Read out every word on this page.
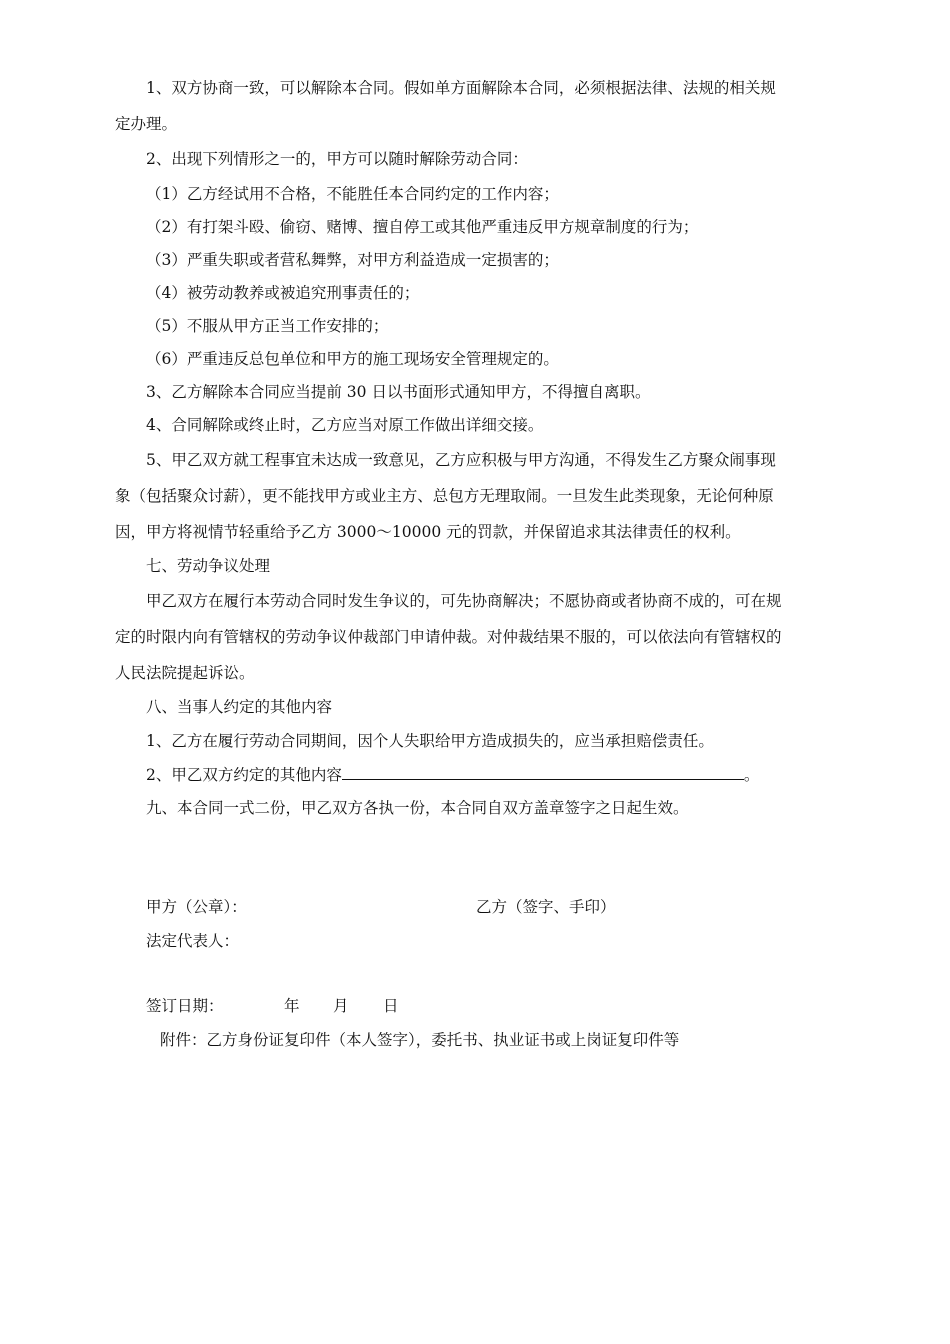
1、双方协商一致，可以解除本合同。假如单方面解除本合同，必须根据法律、法规的相关规
定办理。
2、出现下列情形之一的，甲方可以随时解除劳动合同：
（1）乙方经试用不合格，不能胜任本合同约定的工作内容；
（2）有打架斗殴、偷窃、赌博、擅自停工或其他严重违反甲方规章制度的行为；
（3）严重失职或者营私舞弊，对甲方利益造成一定损害的；
（4）被劳动教养或被追究刑事责任的；
（5）不服从甲方正当工作安排的；
（6）严重违反总包单位和甲方的施工现场安全管理规定的。
3、乙方解除本合同应当提前 30 日以书面形式通知甲方，不得擅自离职。
4、合同解除或终止时，乙方应当对原工作做出详细交接。
5、甲乙双方就工程事宜未达成一致意见，乙方应积极与甲方沟通，不得发生乙方聚众闹事现
象（包括聚众讨薪），更不能找甲方或业主方、总包方无理取闹。一旦发生此类现象，无论何种原
因，甲方将视情节轻重给予乙方 3000～10000 元的罚款，并保留追求其法律责任的权利。
七、劳动争议处理
甲乙双方在履行本劳动合同时发生争议的，可先协商解决；不愿协商或者协商不成的，可在规
定的时限内向有管辖权的劳动争议仲裁部门申请仲裁。对仲裁结果不服的，可以依法向有管辖权的
人民法院提起诉讼。
八、当事人约定的其他内容
1、乙方在履行劳动合同期间，因个人失职给甲方造成损失的，应当承担赔偿责任。
2、甲乙双方约定的其他内容	。
九、本合同一式二份，甲乙双方各执一份，本合同自双方盖章签字之日起生效。
甲方（公章）：	乙方（签字、手印）
法定代表人：
签订日期：	年 月 日
附件：乙方身份证复印件（本人签字），委托书、执业证书或上岗证复印件等
